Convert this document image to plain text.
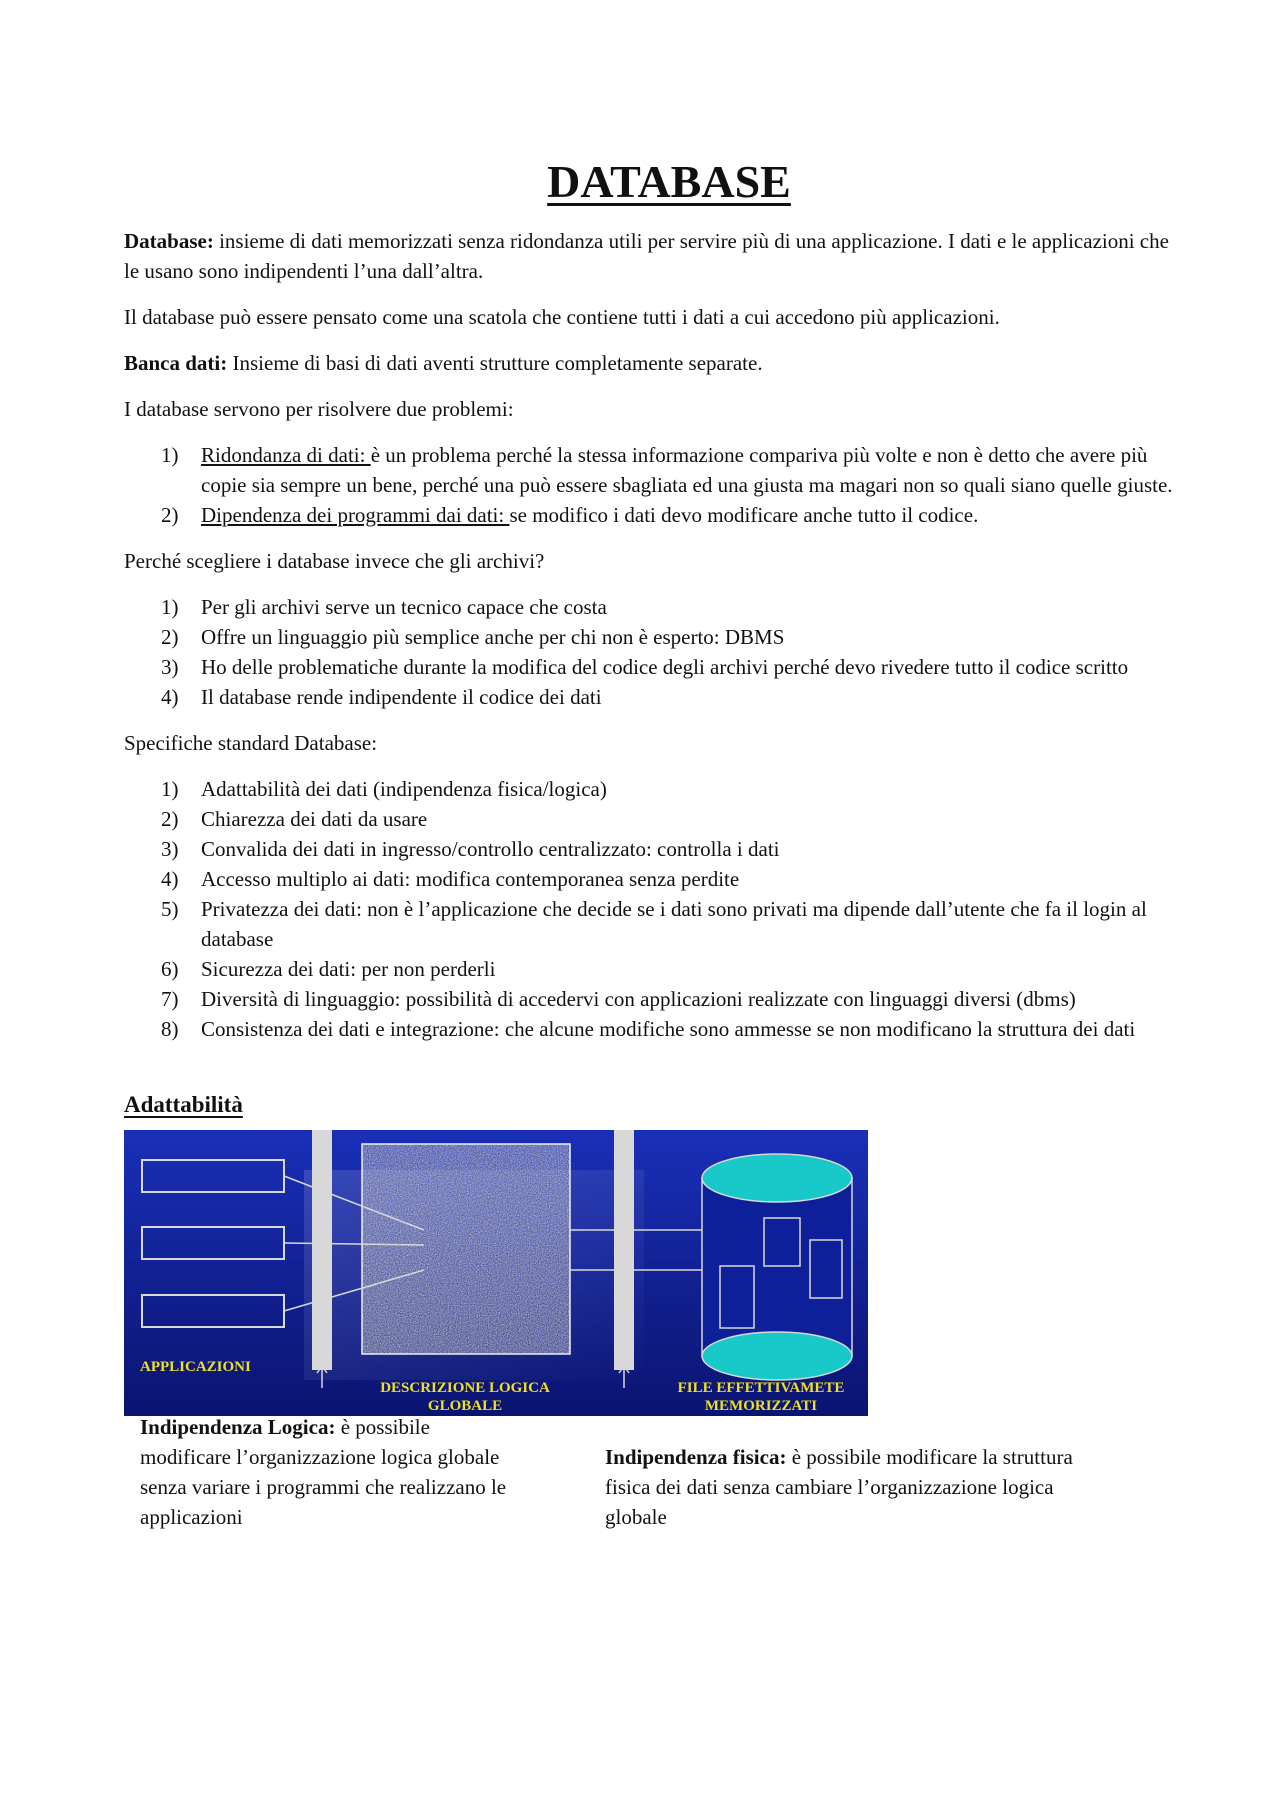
DATABASE

Database: insieme di dati memorizzati senza ridondanza utili per servire più di una applicazione. I dati e le applicazioni che le usano sono indipendenti l’una dall’altra.

Il database può essere pensato come una scatola che contiene tutti i dati a cui accedono più applicazioni.

Banca dati: Insieme di basi di dati aventi strutture completamente separate.

I database servono per risolvere due problemi:

1) Ridondanza di dati: è un problema perché la stessa informazione compariva più volte e non è detto che avere più copie sia sempre un bene, perché una può essere sbagliata ed una giusta ma magari non so quali siano quelle giuste.
2) Dipendenza dei programmi dai dati: se modifico i dati devo modificare anche tutto il codice.

Perché scegliere i database invece che gli archivi?

1) Per gli archivi serve un tecnico capace che costa
2) Offre un linguaggio più semplice anche per chi non è esperto: DBMS
3) Ho delle problematiche durante la modifica del codice degli archivi perché devo rivedere tutto il codice scritto
4) Il database rende indipendente il codice dei dati

Specifiche standard Database:

1) Adattabilità dei dati (indipendenza fisica/logica)
2) Chiarezza dei dati da usare
3) Convalida dei dati in ingresso/controllo centralizzato: controlla i dati
4) Accesso multiplo ai dati: modifica contemporanea senza perdite
5) Privatezza dei dati: non è l’applicazione che decide se i dati sono privati ma dipende dall’utente che fa il login al database
6) Sicurezza dei dati: per non perderli
7) Diversità di linguaggio: possibilità di accedervi con applicazioni realizzate con linguaggi diversi (dbms)
8) Consistenza dei dati e integrazione: che alcune modifiche sono ammesse se non modificano la struttura dei dati
Adattabilità
APPLICAZIONI
DESCRIZIONE LOGICA
GLOBALE
FILE EFFETTIVAMETE
MEMORIZZATI

Indipendenza Logica: è possibile modificare l’organizzazione logica globale senza variare i programmi che realizzano le applicazioni

Indipendenza fisica: è possibile modificare la struttura fisica dei dati senza cambiare l’organizzazione logica globale
